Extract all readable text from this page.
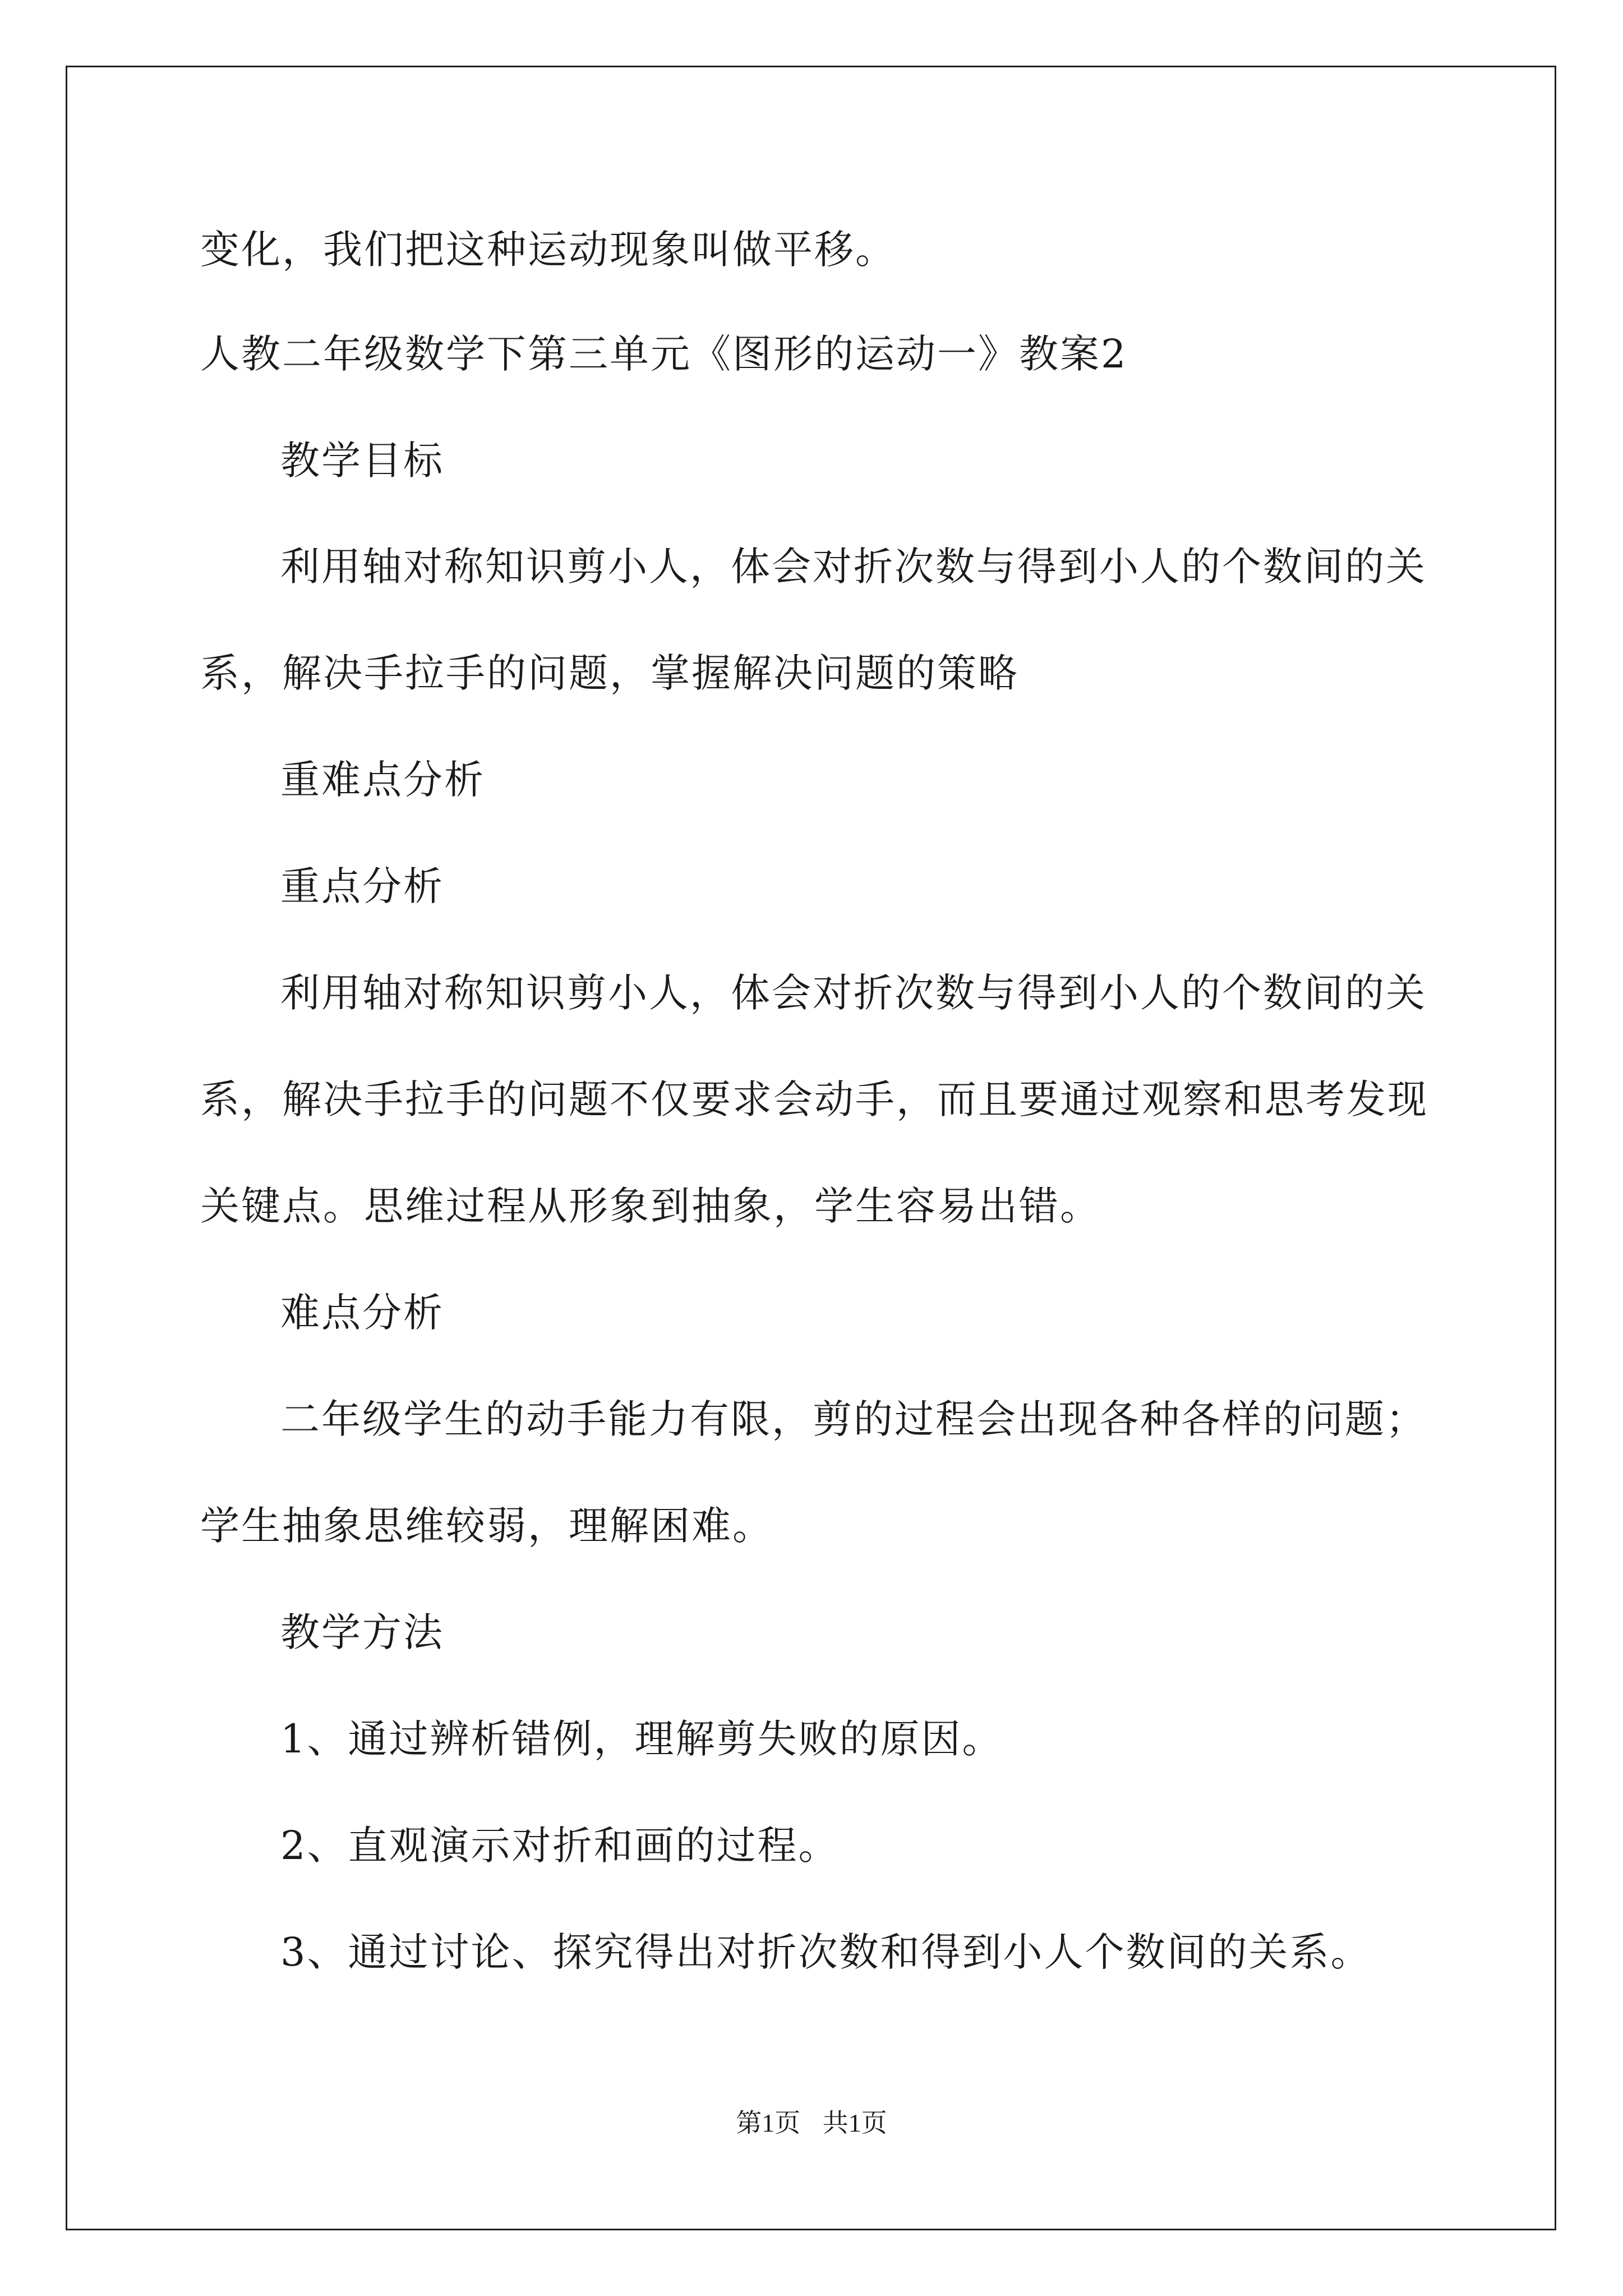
变化，我们把这种运动现象叫做平移。
人教二年级数学下第三单元《图形的运动一》教案2
教学目标
利用轴对称知识剪小人，体会对折次数与得到小人的个数间的关
系，解决手拉手的问题，掌握解决问题的策略
重难点分析
重点分析
利用轴对称知识剪小人，体会对折次数与得到小人的个数间的关
系，解决手拉手的问题不仅要求会动手，而且要通过观察和思考发现
关键点。思维过程从形象到抽象，学生容易出错。
难点分析
二年级学生的动手能力有限，剪的过程会出现各种各样的问题；
学生抽象思维较弱，理解困难。
教学方法
1、通过辨析错例，理解剪失败的原因。
2、直观演示对折和画的过程。
3、通过讨论、探究得出对折次数和得到小人个数间的关系。
第1页 共1页
